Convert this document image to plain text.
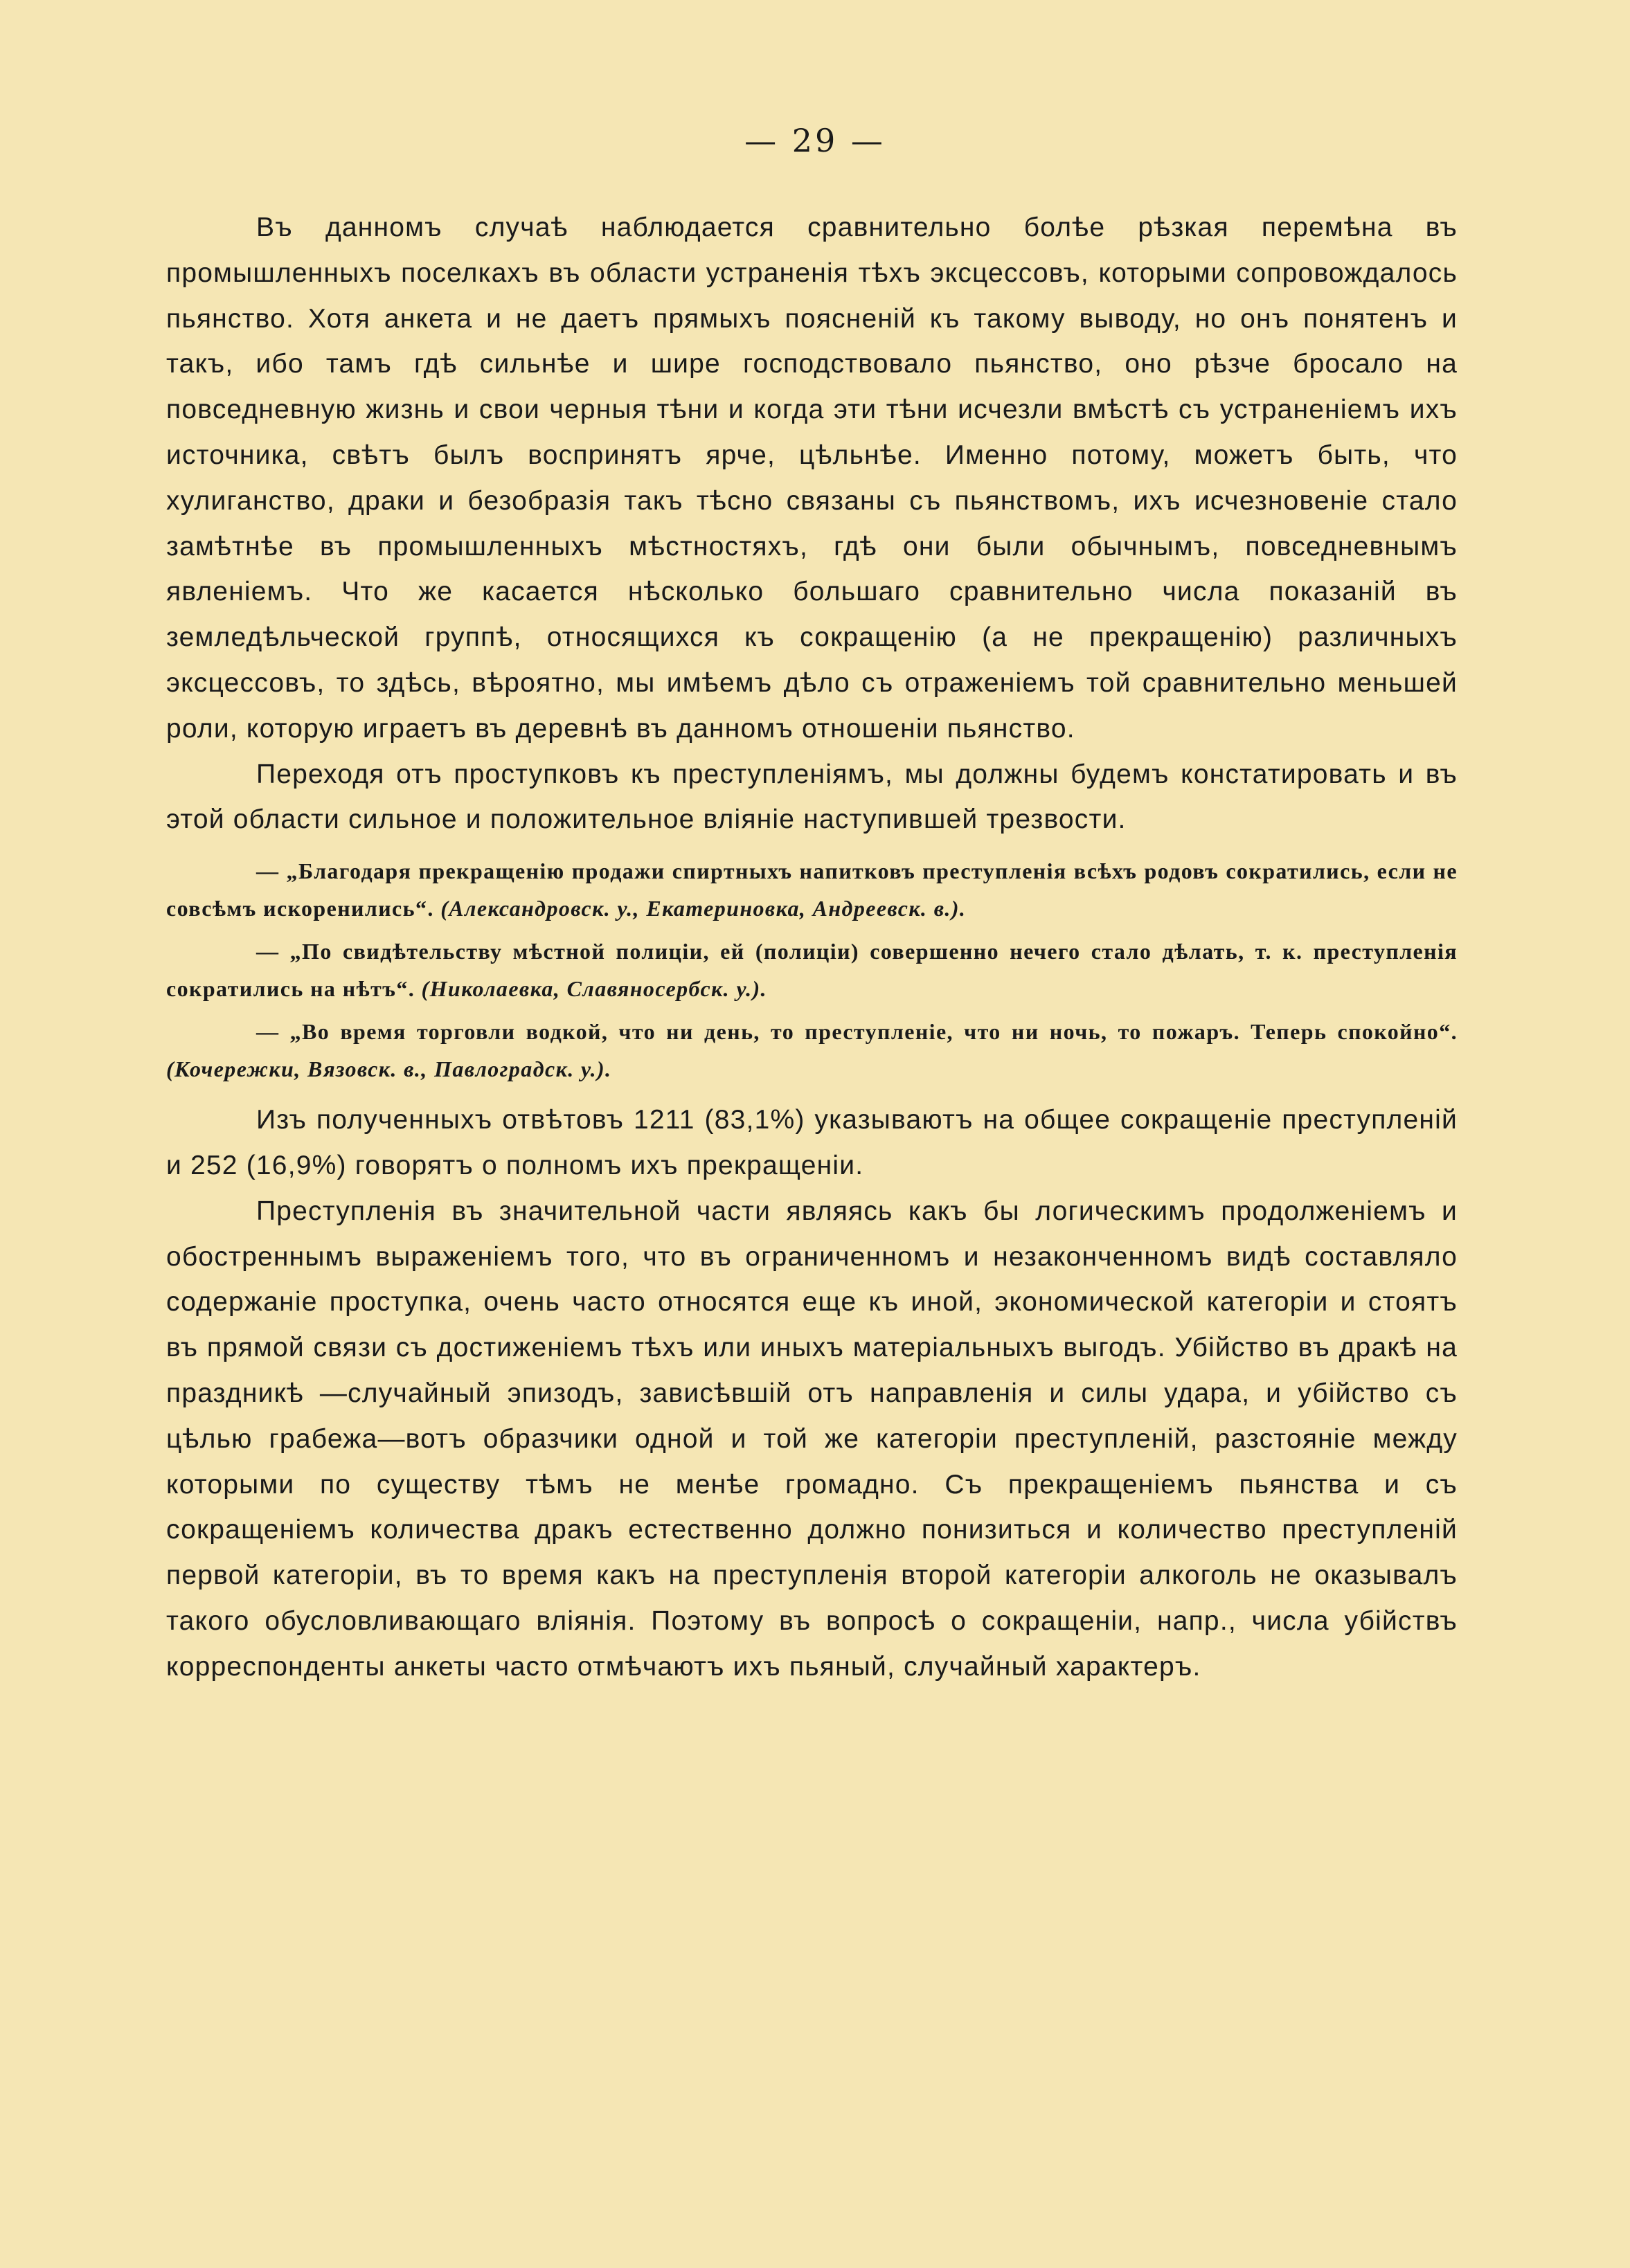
— 29 —

Въ данномъ случаѣ наблюдается сравнительно болѣе рѣзкая перемѣна въ промышленныхъ поселкахъ въ области устраненія тѣхъ эксцессовъ, которыми сопровождалось пьянство. Хотя анкета и не даетъ прямыхъ поясненій къ такому выводу, но онъ понятенъ и такъ, ибо тамъ гдѣ сильнѣе и шире господствовало пьянство, оно рѣзче бросало на повседневную жизнь и свои черныя тѣни и когда эти тѣни исчезли вмѣстѣ съ устраненіемъ ихъ источника, свѣтъ былъ воспринятъ ярче, цѣльнѣе. Именно потому, можетъ быть, что хулиганство, драки и безобразія такъ тѣсно связаны съ пьянствомъ, ихъ исчезновеніе стало замѣтнѣе въ промышленныхъ мѣстностяхъ, гдѣ они были обычнымъ, повседневнымъ явленіемъ. Что же касается нѣсколько большаго сравнительно числа показаній въ земледѣльческой группѣ, относящихся къ сокращенію (а не прекращенію) различныхъ эксцессовъ, то здѣсь, вѣроятно, мы имѣемъ дѣло съ отраженіемъ той сравнительно меньшей роли, которую играетъ въ деревнѣ въ данномъ отношеніи пьянство.

Переходя отъ проступковъ къ преступленіямъ, мы должны будемъ констатировать и въ этой области сильное и положительное вліяніе наступившей трезвости.

— „Благодаря прекращенію продажи спиртныхъ напитковъ преступленія всѣхъ родовъ сократились, если не совсѣмъ искоренились“. (Александровск. у., Екатериновка, Андреевск. в.).

— „По свидѣтельству мѣстной полиціи, ей (полиціи) совершенно нечего стало дѣлать, т. к. преступленія сократились на нѣтъ“. (Николаевка, Славяносербск. у.).

— „Во время торговли водкой, что ни день, то преступленіе, что ни ночь, то пожаръ. Теперь спокойно“. (Кочережки, Вязовск. в., Павлоградск. у.).

Изъ полученныхъ отвѣтовъ 1211 (83,1%) указываютъ на общее сокращеніе преступленій и 252 (16,9%) говорятъ о полномъ ихъ прекращеніи.

Преступленія въ значительной части являясь какъ бы логическимъ продолженіемъ и обостреннымъ выраженіемъ того, что въ ограниченномъ и незаконченномъ видѣ составляло содержаніе проступка, очень часто относятся еще къ иной, экономической категоріи и стоятъ въ прямой связи съ достиженіемъ тѣхъ или иныхъ матеріальныхъ выгодъ. Убійство въ дракѣ на праздникѣ —случайный эпизодъ, зависѣвшій отъ направленія и силы удара, и убійство съ цѣлью грабежа—вотъ образчики одной и той же категоріи преступленій, разстояніе между которыми по существу тѣмъ не менѣе громадно. Съ прекращеніемъ пьянства и съ сокращеніемъ количества дракъ естественно должно понизиться и количество преступленій первой категоріи, въ то время какъ на преступленія второй категоріи алкоголь не оказывалъ такого обусловливающаго вліянія. Поэтому въ вопросѣ о сокращеніи, напр., числа убійствъ корреспонденты анкеты часто отмѣчаютъ ихъ пьяный, случайный характеръ.
